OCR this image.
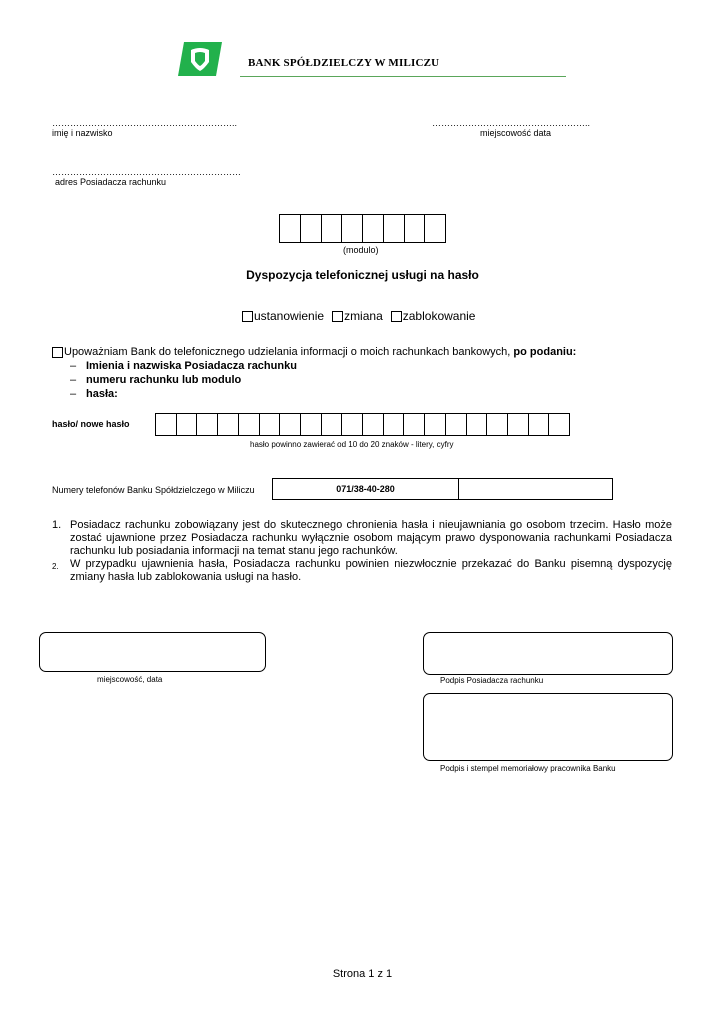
BANK SPÓŁDZIELCZY W MILICZU
……………………………………………………..
imię i nazwisko
……………………………………………..
miejscowość data
………………………………………………………
adres Posiadacza rachunku
(modulo)
Dyspozycja telefonicznej usługi na hasło
ustanowienie zmiana zablokowanie
Upoważniam Bank do telefonicznego udzielania informacji o moich rachunkach bankowych, po podaniu:
– Imienia i nazwiska Posiadacza rachunku
– numeru rachunku lub modulo
– hasła:
hasło/ nowe hasło
hasło powinno zawierać od 10 do 20 znaków - litery, cyfry
Numery telefonów Banku Spółdzielczego w Miliczu	071/38-40-280
1. Posiadacz rachunku zobowiązany jest do skutecznego chronienia hasła i nieujawniania go osobom trzecim. Hasło może zostać ujawnione przez Posiadacza rachunku wyłącznie osobom mającym prawo dysponowania rachunkami Posiadacza rachunku lub posiadania informacji na temat stanu jego rachunków.
2.	W przypadku ujawnienia hasła, Posiadacza rachunku powinien niezwłocznie przekazać do Banku pisemną dyspozycję zmiany hasła lub zablokowania usługi na hasło.
miejscowość, data	Podpis Posiadacza rachunku
Podpis i stempel memoriałowy pracownika Banku
Strona 1 z 1
